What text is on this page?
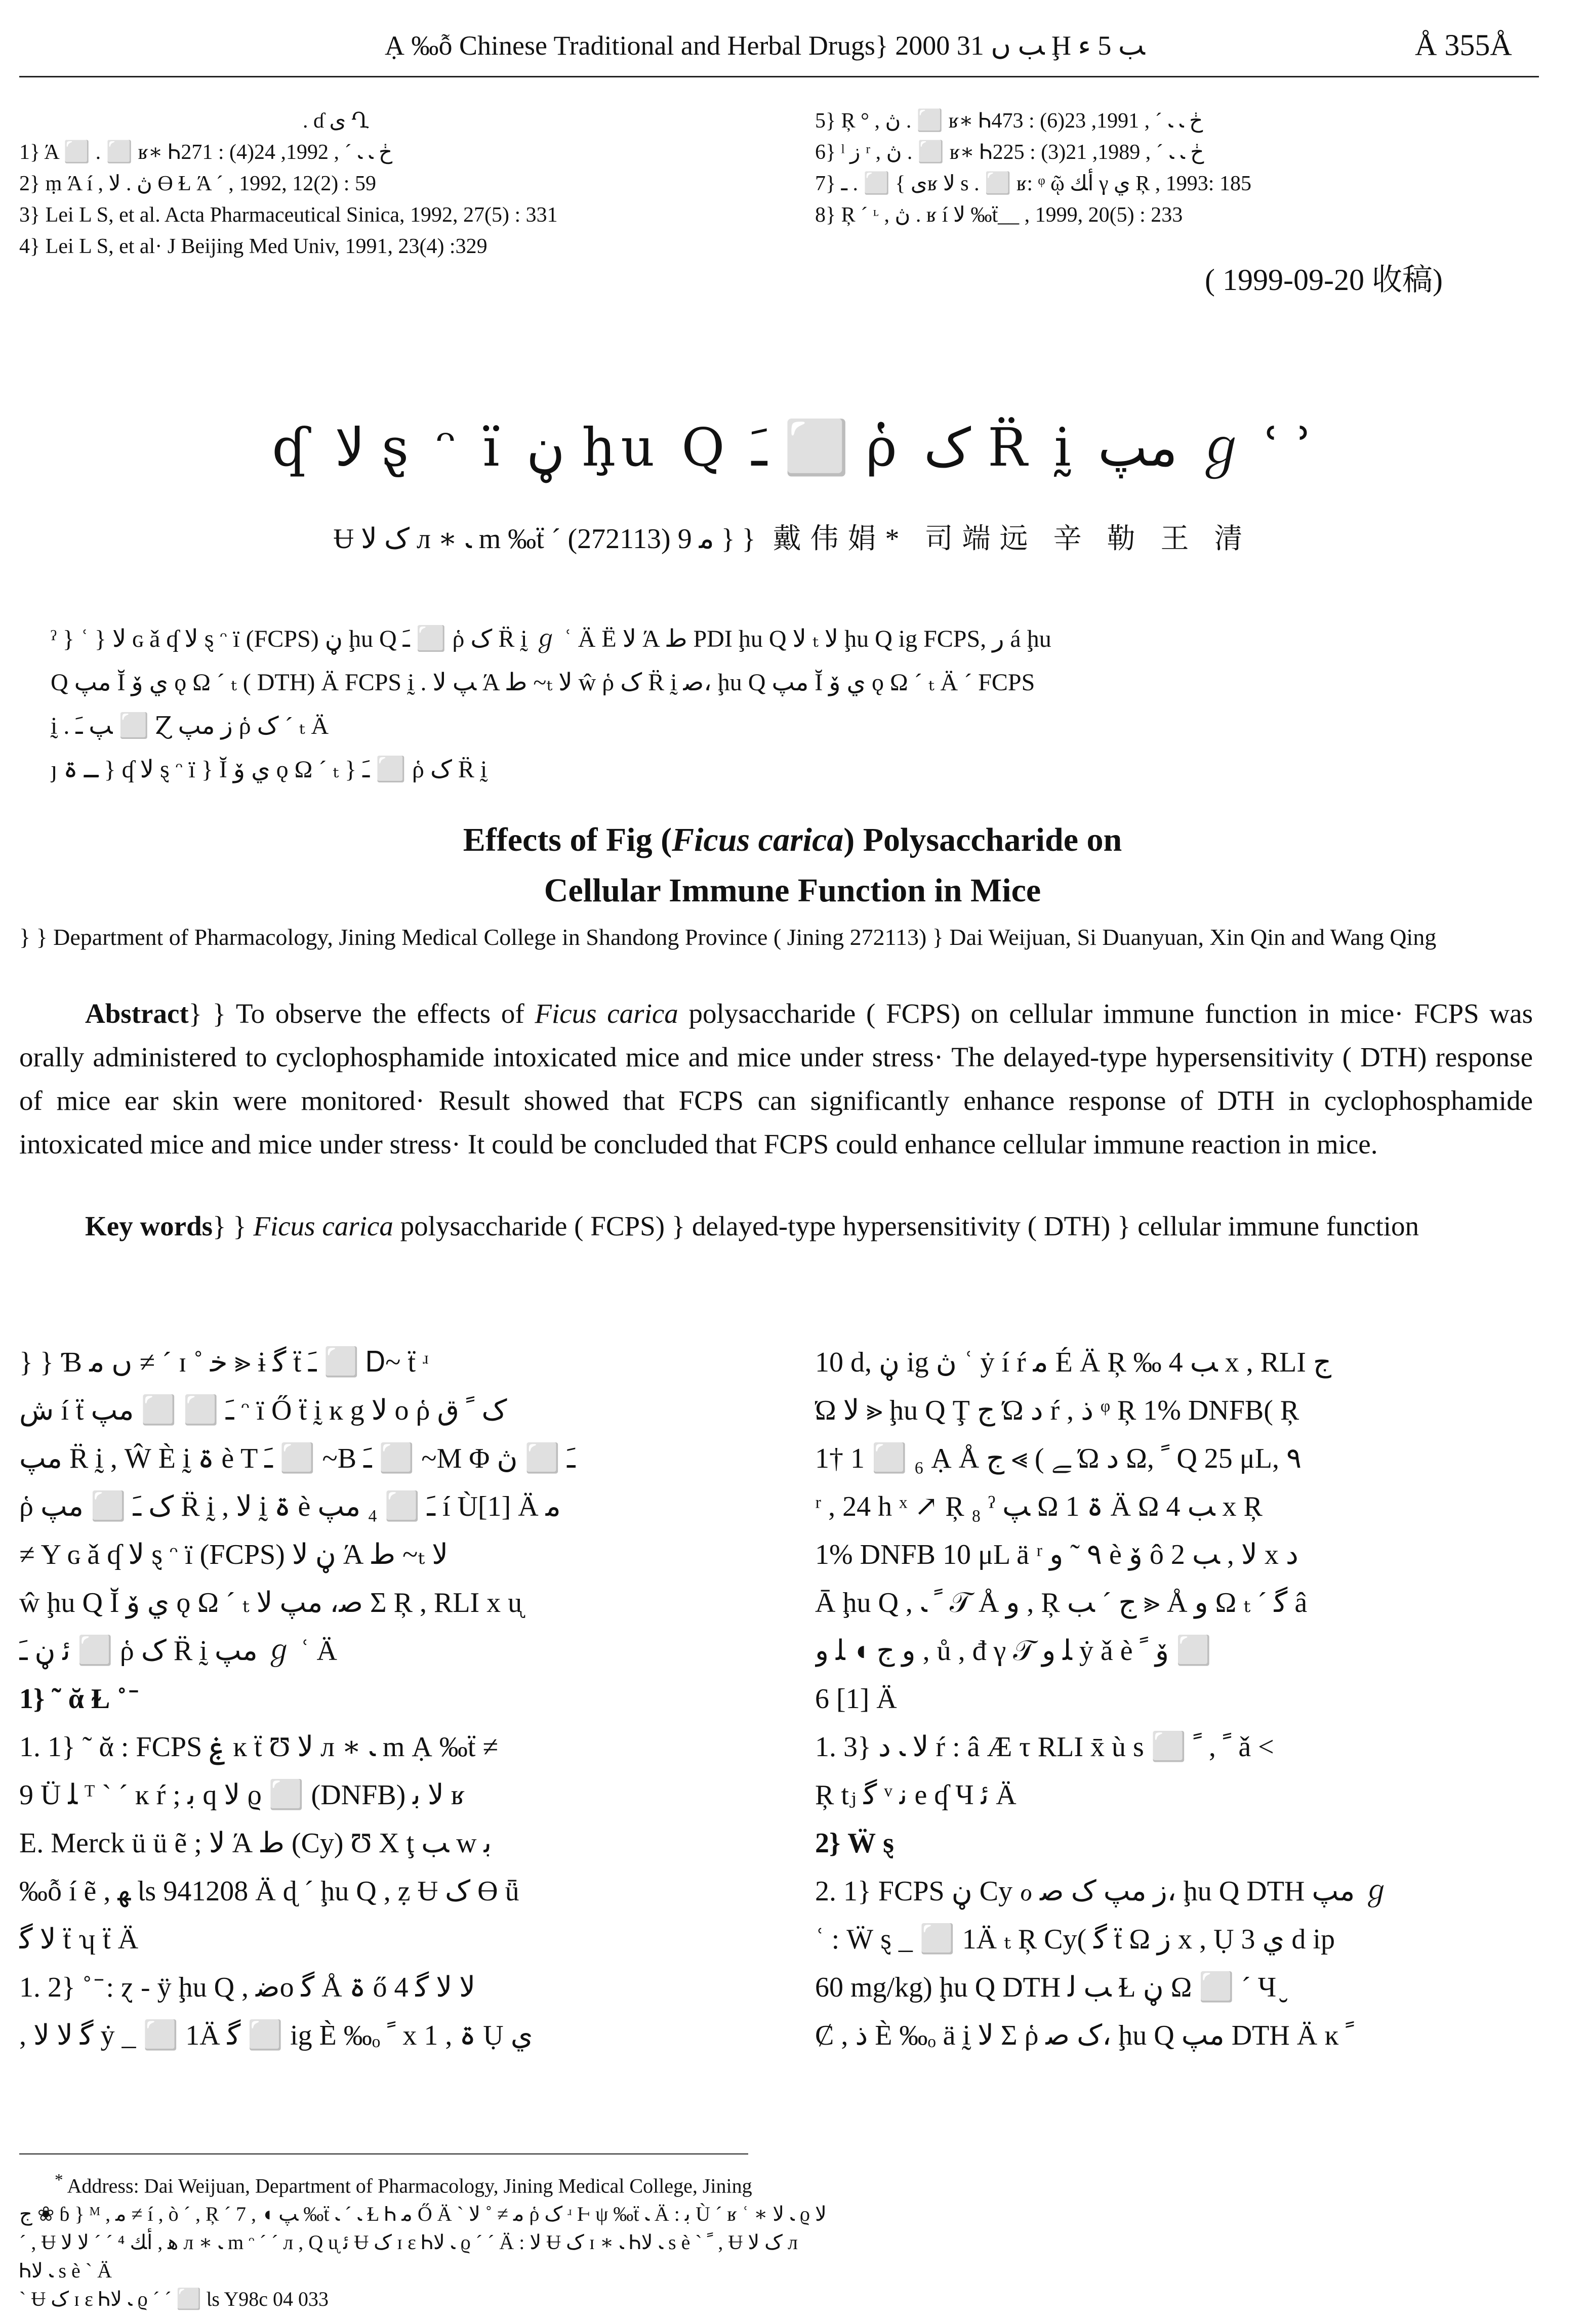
Ạ ‰ỗ Chinese Traditional and Herbal Drugs} 2000 ﺐ ں 31 Ḩ ﺐ 5 ﺀ	Å 355Å
. ɗ ى Ղ
1} Ά ⬜ . ⬜ ʁ∗ Ꮒڂ ﹳ ﹳ ´ , 1992, 24(4) : 271
2} ṃ Ά í , ڽ . ﻻ ϴ Ɫ Ά ´ , 1992, 12(2) : 59
3} Lei L S, et al. Acta Pharmaceutical Sinica, 1992, 27(5) : 331
4} Lei L S, et al· J Beijing Med Univ, 1991, 23(4) :329
5} Ŗ ° , ڽ . ⬜ ʁ∗ Ꮒڂ ﹳ ﹳ ´ , 1991, 23(6) : 473
6} ˡ ز ʳ , ڽ . ⬜ ʁ∗ Ꮒڂ ﹳ ﹳ ´ , 1989, 21(3) : 225
7} ى } ⬜ . ـʁ ﻻ s . ⬜ ʁ: ᵠ ῷ ﺃﻚ γ ي Ŗ , 1993: 185
8} Ŗ ´ ᶫ , ڽ . ʁ í ﻻ ‰ẗ__ , 1999, 20(5) : 233
( 1999-09-20 收稿)
ʠ ﻻ ȿ ᵔ ï ڼ ḩu Q ـَ ⬜ ῥ ک R̈ ḭ ﻣﭗ ℊ ʿ ʾ
Ʉ ک ﻻ л ∗ ﹳ m ‰ẗ ´ ﻣ 9 (272113) } } 戴伟娟* 司端远 辛 勒 王 清
ˀ } ʿ } ﻻ ɢ ǎ ʠ ﻻ ȿ ᵔ ï (FCPS) ڼ ḩu Q ـَ ⬜ ῥ ک R̈ ḭ ℊ ʿ Ä Ë ﻻ Ά ط PDI ḩu Q ﻻ ₜ ﻻ ḩu Q ig FCPS, ﺭ á ḩu
Q ﻣﭗ Ĭ ي ﯙ ǫ Ω ´ ₜ ( DTH) Ä FCPS ḭ . ﭗ ﻻ Ά ط ~ₜ ﻻ ŵ ῥ ک R̈ ḭ ﺻ، ḩu Q ﻣﭗ Ĭ ي ﯙ ǫ Ω ´ ₜ Ä ´ FCPS
ḭ . ﭗ ـَ ⬜ Ɀ ز ﻣﭗ ῥ ک ´ ₜ Ä
ȷ ـ ۃ } ʠ ﻻ ȿ ᵔ ï } Ĭ ي ﯙ ǫ Ω ´ ₜ } ـَ ⬜ ῥ ک R̈ ḭ
Effects of Fig (Ficus carica) Polysaccharide on
Cellular Immune Function in Mice
} } Department of Pharmacology, Jining Medical College in Shandong Province ( Jining 272113) } Dai Weijuan, Si Duanyuan, Xin Qin and Wang Qing

Abstract} } To observe the effects of Ficus carica polysaccharide ( FCPS) on cellular immune function in mice· FCPS was orally administered to cyclophosphamide intoxicated mice and mice under stress· The delayed-type hypersensitivity ( DTH) response of mice ear skin were monitored· Result showed that FCPS can significantly enhance response of DTH in cyclophosphamide intoxicated mice and mice under stress· It could be concluded that FCPS could enhance cellular immune reaction in mice.

Key words} } Ficus carica polysaccharide ( FCPS) } delayed-type hypersensitivity ( DTH) } cellular immune function
} } Ɓ ں ﻣ ≠ ´ ɪ ˚ ﺧ ⪢ ɨ ﮔ ẗ ـَ ⬜ Ꭰ~ ẗ ʴ
ﺵ í ẗ ـَ ⬜ ⬜ ﻣﭗ ᵔ ï Ő ẗ ḭ ĸ g ﻻ ο ῥ ک ﹰ ق
ﻣﭗ R̈ ḭ , Ŵ È ḭ ۃ è T ـَ ⬜ ~B ـَ ⬜ ~M Φ ـَ ⬜ ڽ
ῥ ک ـَ ⬜ ﻣﭗ R̈ ḭ , ﻻ ḭ ۃ è ـَ ⬜ ₄ ﻣﭗ í Ù[1] Ä ﻣ
≠ Υ ɢ ǎ ʠ ﻻ ȿ ᵔ ï (FCPS) ڼ ﻻ Ά ط ~ₜ ﻻ
ŵ ḩu Q Ĭ ي ﯙ ǫ Ω ´ ₜ ﺻ، ﻣﭗ ﻻ Σ Ŗ , RLI x ᶙ
ﺋ ڼ ـَ ⬜ ῥ ک R̈ ḭ ﻣﭗ ℊ ʿ Ä
1} ˜ ᾰ Ɫ ˚ ̄
1. 1} ˜ ᾰ : FCPS ۼ ĸ ẗ Ʊ ﻻ л ∗ ﹳ m Ạ ‰ẗ ≠
9 Ü ﻠ ᵀ ˋ ´ ĸ ŕ ; ﺑ q ﻻ ϱ ⬜ (DNFB) ﻻ ﺑ ʁ
E. Merck ü ü ẽ ; ﻻ Ά ط (Cy) Ʊ Χ ţ ﺐ w ﺑ
‰ỗ í ẽ , ﻬ Ɩs 941208 Ä ɖ ´ ḩu Q , ẓ Ʉ ک Ɵ ǖ
ﻻ ﮔ ẗ ʮ ẗ Ä
1. 2} ˚ ̄ : ɀ - ÿ ḩu Q , ﺿo ﮔ Å ۃ ő ﻻ ﻻ ﮔ 4
, ﮔ ﻻ ﻻ ẏ _ ⬜ 1Ä ﮔ ⬜ ig È ‰ₒ ﹰ x 1 , ۃ Ụ ي
10 d, ڼ ig ڽ ʿ ẏ í ŕ ﻣ É Ä Ŗ ‰ ﺐ 4 x , RLI ﺝ
Ώ ﻻ ⪢ ḩu Q Ţ ﺝ Ώ ﺩ ŕ , ﺫ ᵠ Ŗ 1% DNFB( Ŗ
1† 1 ⬜ ₆ Ạ Å ﮯ ) ⪢ ﺝ Ώ ﺩ Ω, ﹰ Q 25 μL, ٩
ʳ , 24 h ˣ ↗ Ŗ ₈ ˀ ﭗ Ω 1 ۃ Ä Ω ﺐ 4 x Ŗ
1% DNFB 10 μL ä ʳ ٩ ˜ ﻭ è ﯙ ô ﻻ , ﺐ 2 x ﺩ
Ā ḩu Q , ﹰ ﹳ 𝒯 Å ﻭ , Ŗ ﺝ ´ ﺐ ⪢ Å ﻭ Ω ₜ ˊ ﮔ â
ﻭ ﺝ ◖ ﻠ ﻭ , ů , đ γ 𝒯 ﻠ ﻭ ẏ ǎ è ﯙ ﹰ ⬜
6 [1] Ä
1. 3} ﻻ ﹳ ﺩ ŕ : â Æ τ RLI x̄ ù s ⬜ ﹰ , ﹰ ǎ ˂
Ŗ tⱼ ﮔ ᵛ ﻧ e ʠ Ч ﺋ Ä
2} Ẅ ȿ
2. 1} FCPS ڼ Cy ℴ ز ﻣﭗ ک ﺻ، ḩu Q DTH ﻣﭗ ℊ
ʿ : Ẅ ȿ _ ⬜ 1Ä ₜ Ŗ Cy( ﮔ ẗ Ω ز x , Ụ ي 3 d ip
60 mg/kg) ḩu Q DTH ﺐ ﻟ Ɫ ڼ Ω ⬜ ´ Ч ̮
Ȼ , ﺫ È ‰ₒ ä ḭ ﻻ Σ ῥ ک ﺻ، ḩu Q ﻣﭗ DTH Ä ĸ ﹰ
* Address: Dai Weijuan, Department of Pharmacology, Jining Medical College, Jining
ﺝ ❀ ɓ } ᴹ , ﻣ ≠ í , ò ´ , Ŗ ´ 7 , ◖ ﭗ ‰ẗ ﹳ ´ ﹳ Ɫ Ꮒ ﻣ Ő Ä ˋ ﻣ ≠ ˚ ﻻ ῥ ک ʴ Ⱶ ψ ‰ẗ ﹳ Ä : ﺑ Ù ´ ʁ ʿ ∗ ﹳ ﻻ ϱ ﻻ
ˊ , Ʉ ﻫ , ﺃﻚ ⁴ ´ ˊ ﻻ ﻻ л ∗ ﹳ m ᵔ ´ ´ л , Q ᶙ ﺋ Ʉ ک ɪ ɛ Ꮒﹳ ﻻ ϱ ´ ˊ Ä : ﻻ Ʉ ک ɪ ∗ ﹳ Ꮒﹳ ﻻ s è ˋ ﹰ , Ʉ ک ﻻ л
Ꮒﹳ ﻻ s è ˋ Ä
ˋ Ʉ ک ɪ ɛ Ꮒﹳ ﻻ ϱ ´ ˊ ⬜ Ɩs Y98c 04 033
